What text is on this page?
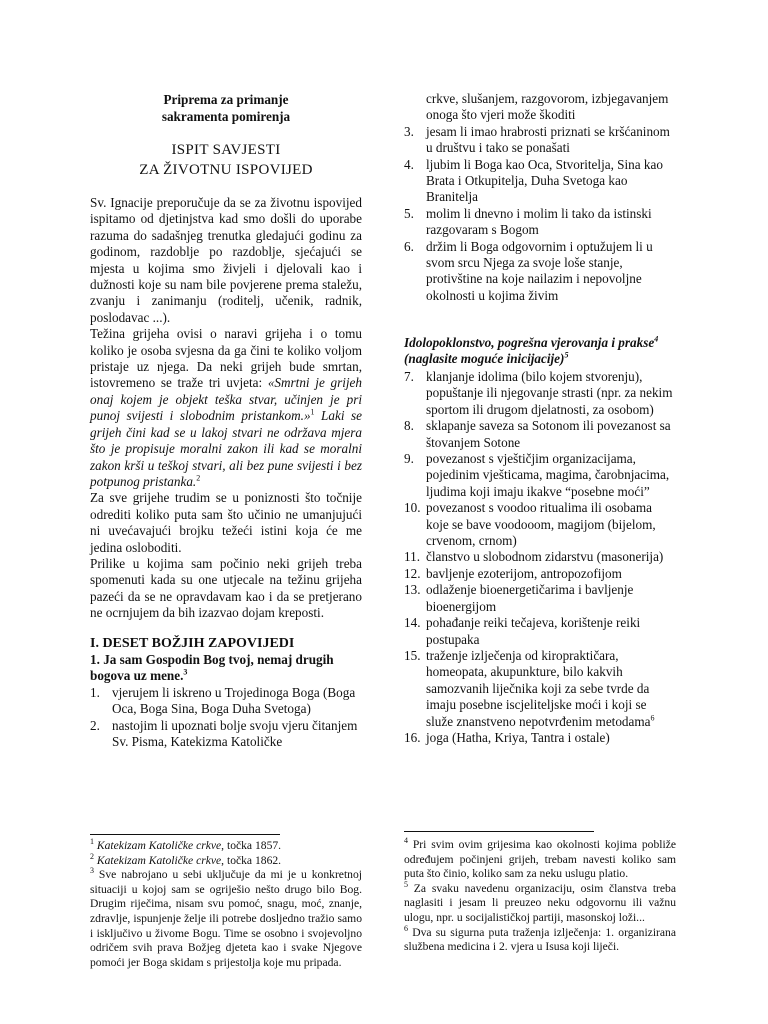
Priprema za primanje
sakramenta pomirenja
ISPIT SAVJESTI
ZA ŽIVOTNU ISPOVIJED

Sv. Ignacije preporučuje da se za životnu ispovijed ispitamo od djetinjstva kad smo došli do uporabe razuma do sadašnjeg trenutka gledajući godinu za godinom, razdoblje po razdoblje, sjećajući se mjesta u kojima smo živjeli i djelovali kao i dužnosti koje su nam bile povjerene prema staležu, zvanju i zanimanju (roditelj, učenik, radnik, poslodavac ...).

Težina grijeha ovisi o naravi grijeha i o tomu koliko je osoba svjesna da ga čini te koliko voljom pristaje uz njega. Da neki grijeh bude smrtan, istovremeno se traže tri uvjeta: «Smrtni je grijeh onaj kojem je objekt teška stvar, učinjen je pri punoj svijesti i slobodnim pristankom.»$^1$ Laki se grijeh čini kad se u lakoj stvari ne održava mjera što je propisuje moralni zakon ili kad se moralni zakon krši u teškoj stvari, ali bez pune svijesti i bez potpunog pristanka.$^2$

Za sve grijehe trudim se u poniznosti što točnije odrediti koliko puta sam što učinio ne umanjujući ni uvećavajući brojku težeći istini koja će me jedina osloboditi.

Prilike u kojima sam počinio neki grijeh treba spomenuti kada su one utjecale na težinu grijeha pazeći da se ne opravdavam kao i da se pretjerano ne ocrnjujem da bih izazvao dojam kreposti.

I. DESET BOŽJIH ZAPOVIJEDI

1. Ja sam Gospodin Bog tvoj, nemaj drugih bogova uz mene.$^3$

1. vjerujem li iskreno u Trojedinoga Boga (Boga Oca, Boga Sina, Boga Duha Svetoga)
2. nastojim li upoznati bolje svoju vjeru čitanjem Sv. Pisma, Katekizma Katoličke

$^1$ Katekizam Katoličke crkve, točka 1857.

$^2$ Katekizam Katoličke crkve, točka 1862.

$^3$ Sve nabrojano u sebi uključuje da mi je u konkretnoj situaciji u kojoj sam se ogriješio nešto drugo bilo Bog. Drugim riječima, nisam svu pomoć, snagu, moć, znanje, zdravlje, ispunjenje želje ili potrebe dosljedno tražio samo i isključivo u živome Bogu. Time se osobno i svojevoljno odričem svih prava Božjeg djeteta kao i svake Njegove pomoći jer Boga skidam s prijestolja koje mu pripada.

crkve, slušanjem, razgovorom, izbjegavanjem onoga što vjeri može škoditi
3. jesam li imao hrabrosti priznati se kršćaninom u društvu i tako se ponašati
4. ljubim li Boga kao Oca, Stvoritelja, Sina kao Brata i Otkupitelja, Duha Svetoga kao Branitelja
5. molim li dnevno i molim li tako da istinski razgovaram s Bogom
6. držim li Boga odgovornim i optužujem li u svom srcu Njega za svoje loše stanje, protivštine na koje nailazim i nepovoljne okolnosti u kojima živim

Idolopoklonstvo, pogrešna vjerovanja i prakse$^4$ (naglasite moguće inicijacije)$^5$

7. klanjanje idolima (bilo kojem stvorenju), popuštanje ili njegovanje strasti (npr. za nekim sportom ili drugom djelatnosti, za osobom)
8. sklapanje saveza sa Sotonom ili povezanost sa štovanjem Sotone
9. povezanost s vještičjim organizacijama, pojedinim vješticama, magima, čarobnjacima, ljudima koji imaju ikakve “posebne moći”
10. povezanost s voodoo ritualima ili osobama koje se bave voodooom, magijom (bijelom, crvenom, crnom)
11. članstvo u slobodnom zidarstvu (masonerija)
12. bavljenje ezoterijom, antropozofijom
13. odlaženje bioenergetičarima i bavljenje bioenergijom
14. pohađanje reiki tečajeva, korištenje reiki postupaka
15. traženje izlječenja od kiropraktičara, homeopata, akupunkture, bilo kakvih samozvanih liječnika koji za sebe tvrde da imaju posebne iscjeliteljske moći i koji se služe znanstveno nepotvrđenim metodama$^6$
16. joga (Hatha, Kriya, Tantra i ostale)

$^4$ Pri svim ovim grijesima kao okolnosti kojima pobliže određujem počinjeni grijeh, trebam navesti koliko sam puta što činio, koliko sam za neku uslugu platio.

$^5$ Za svaku navedenu organizaciju, osim članstva treba naglasiti i jesam li preuzeo neku odgovornu ili važnu ulogu, npr. u socijalističkoj partiji, masonskoj loži...

$^6$ Dva su sigurna puta traženja izlječenja: 1. organizirana službena medicina i 2. vjera u Isusa koji liječi.
